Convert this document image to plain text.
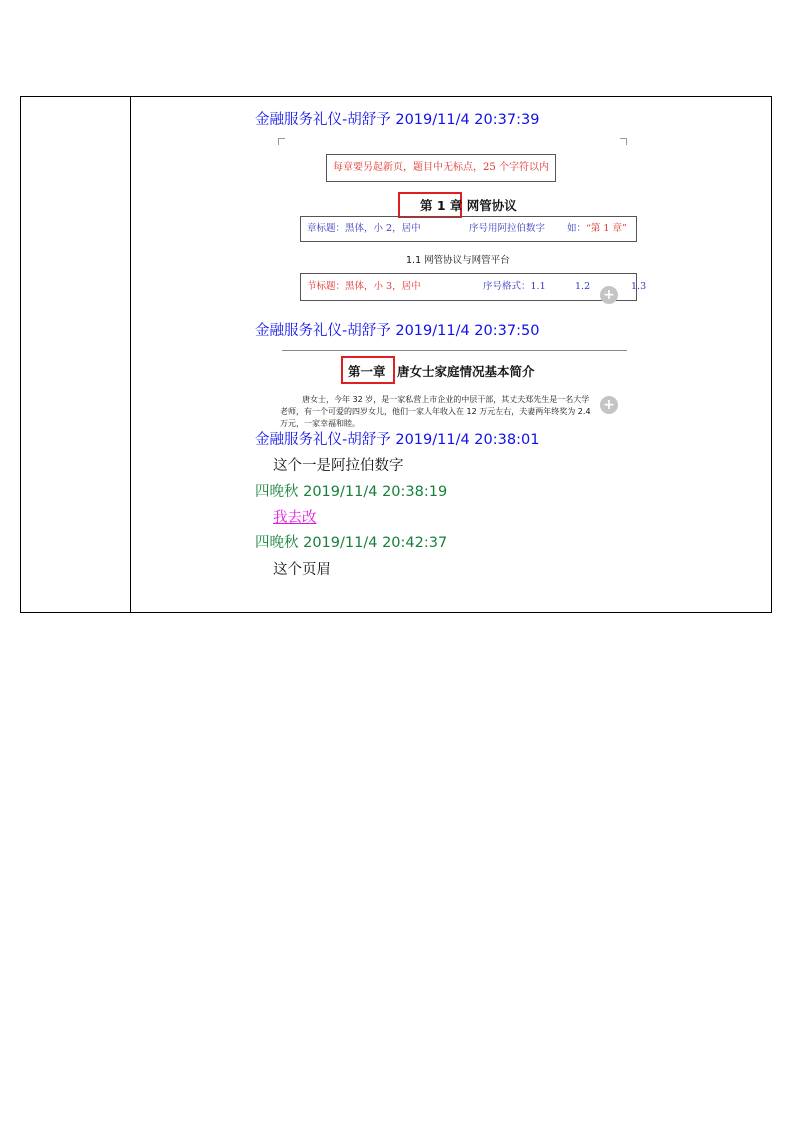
金融服务礼仪-胡舒予 2019/11/4 20:37:39
每章要另起新页，题目中无标点，25 个字符以内
第 1 章 网管协议
章标题：黑体，小 2，居中	序号用阿拉伯数字 如：“第 1 章”
1.1 网管协议与网管平台
节标题：黑体，小 3，居中	序号格式：1.1	1.2	1.3
+
金融服务礼仪-胡舒予 2019/11/4 20:37:50
第一章 唐女士家庭情况基本简介
唐女士，今年 32 岁，是一家私营上市企业的中层干部，其丈夫郑先生是一名大学
老师，有一个可爱的四岁女儿，他们一家人年收入在 12 万元左右，夫妻两年终奖为 2.4
万元，一家幸福和睦。
+
金融服务礼仪-胡舒予 2019/11/4 20:38:01
这个一是阿拉伯数字
四晚秋 2019/11/4 20:38:19
我去改
四晚秋 2019/11/4 20:42:37
这个页眉
